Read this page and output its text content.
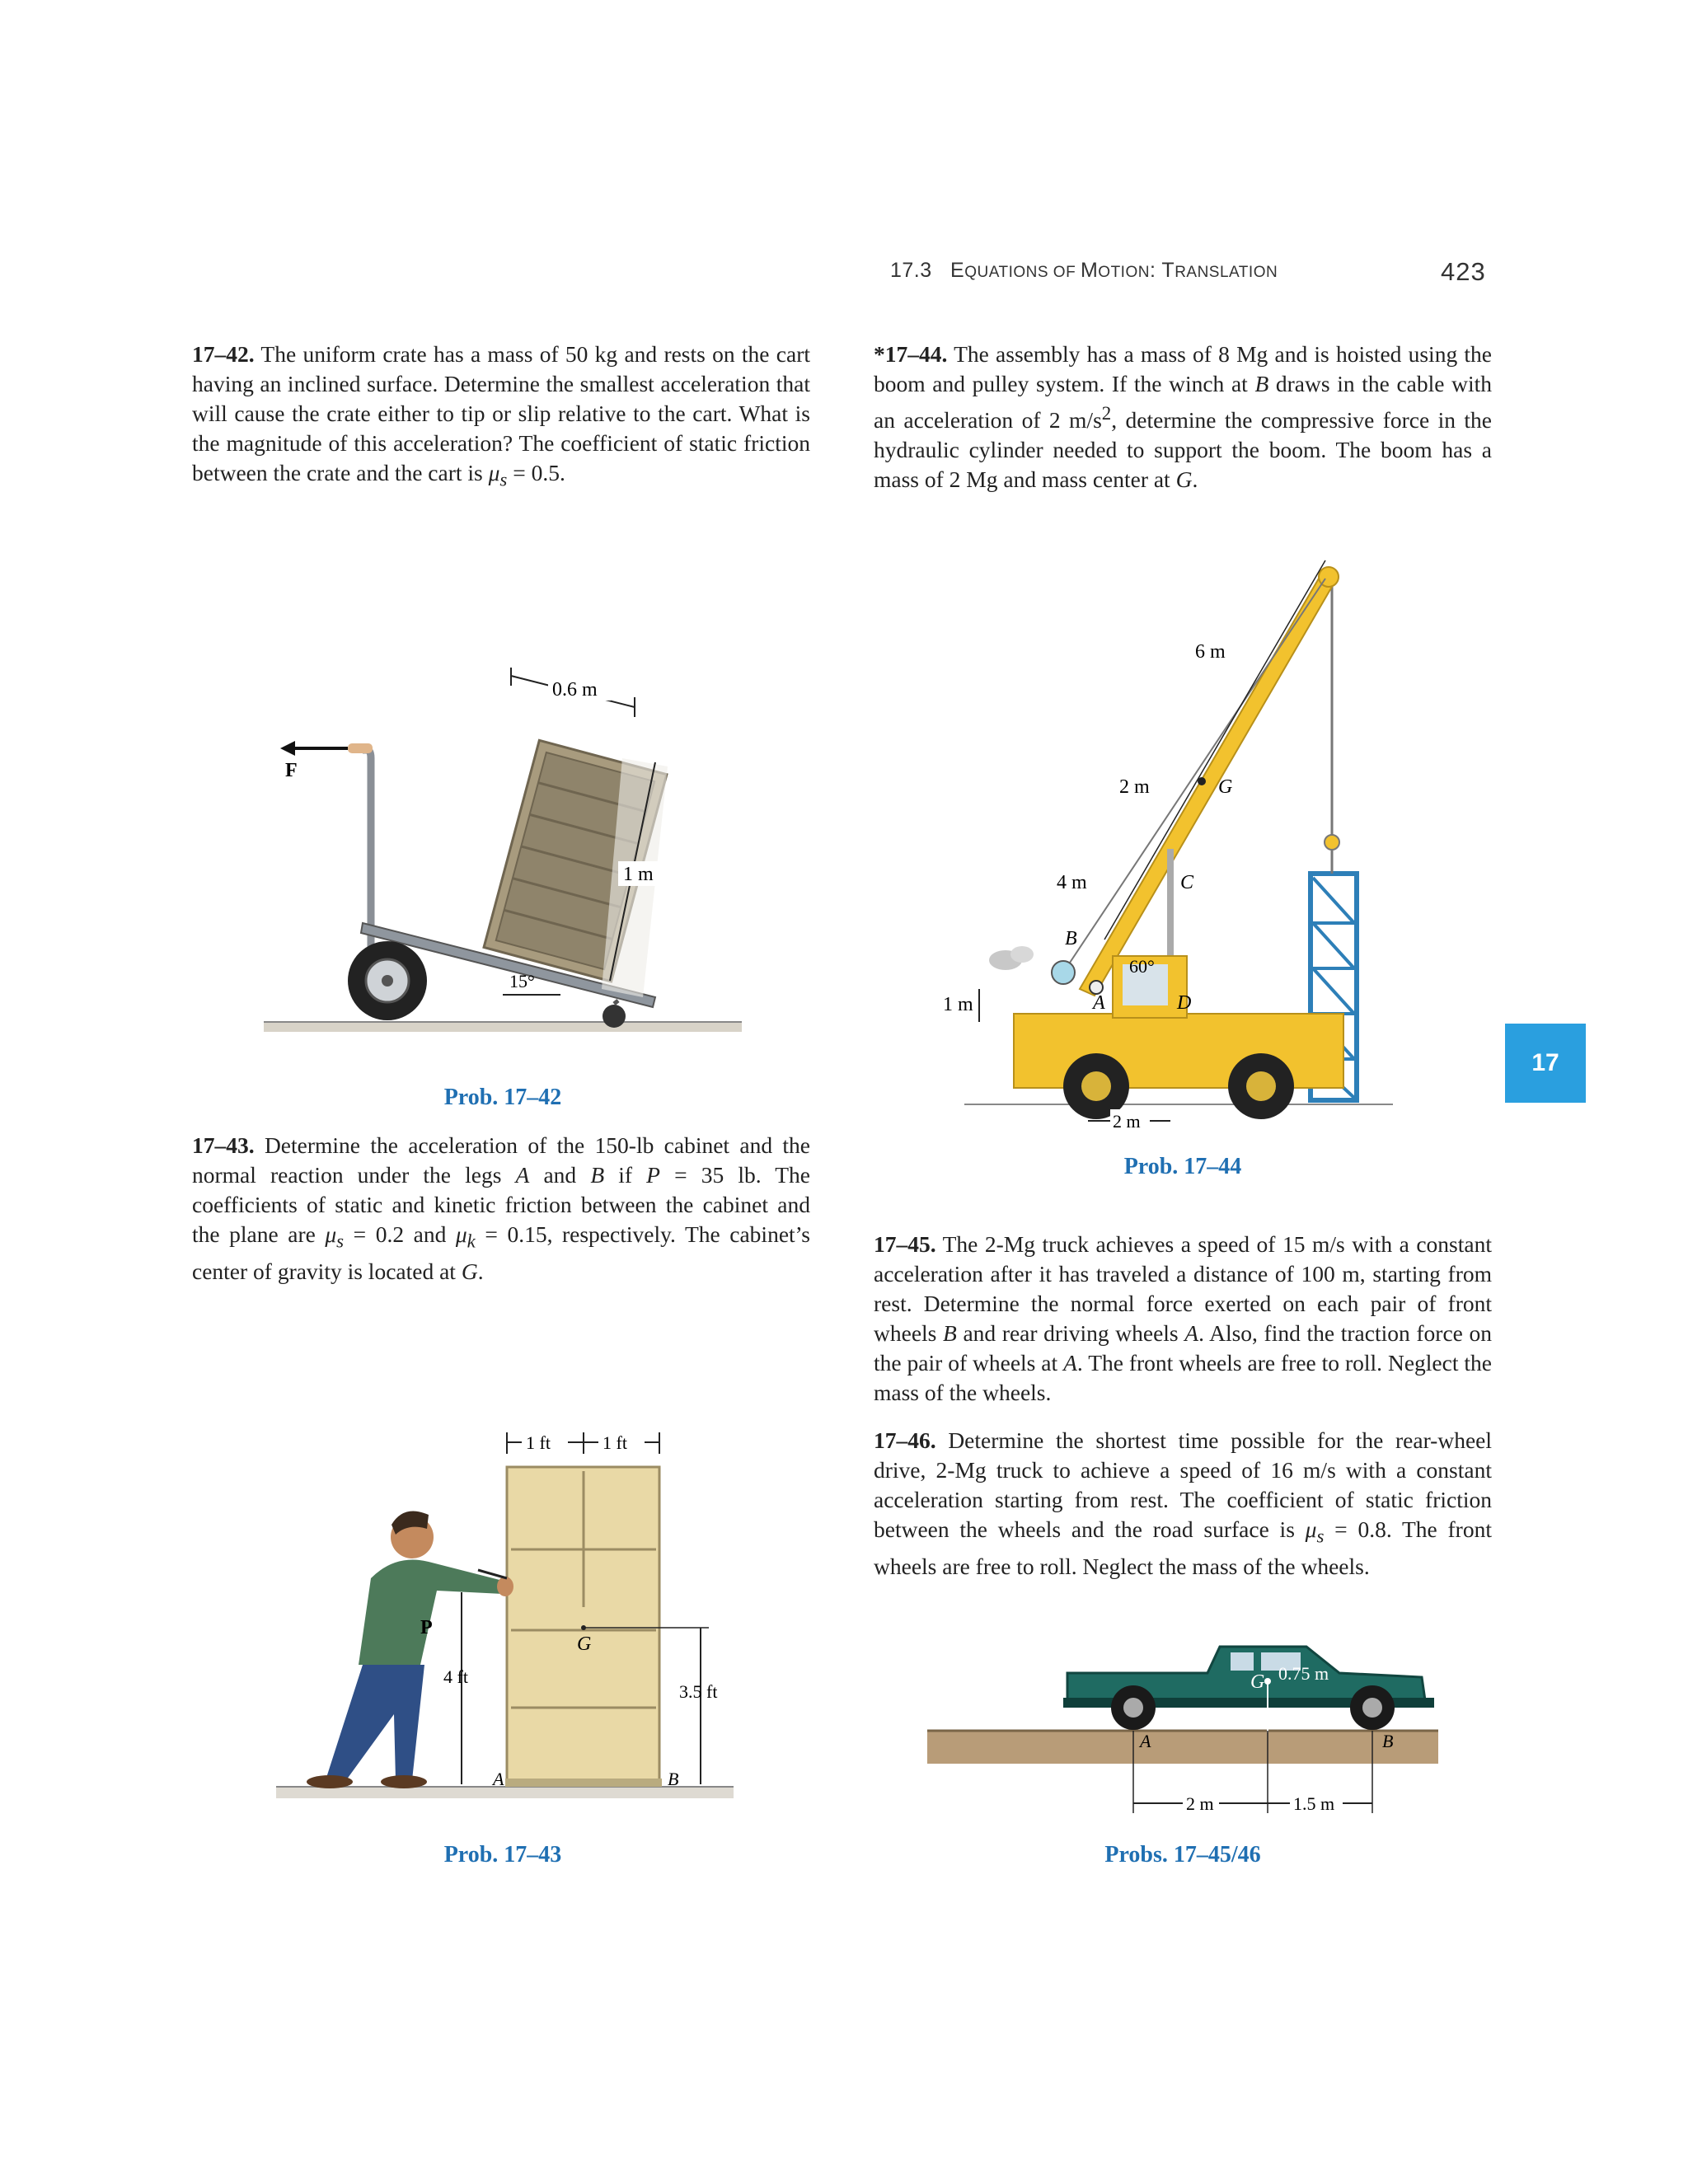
17.3 EQUATIONS OF MOTION: TRANSLATION	423
17
17–42. The uniform crate has a mass of 50 kg and rests on the cart having an inclined surface. Determine the smallest acceleration that will cause the crate either to tip or slip relative to the cart. What is the magnitude of this acceleration? The coefficient of static friction between the crate and the cart is $\mu_s = 0.5$.
17–43. Determine the acceleration of the 150-lb cabinet and the normal reaction under the legs A and B if P = 35 lb. The coefficients of static and kinetic friction between the cabinet and the plane are $\mu_s = 0.2$ and $\mu_k = 0.15$, respectively. The cabinet’s center of gravity is located at G.
*17–44. The assembly has a mass of 8 Mg and is hoisted using the boom and pulley system. If the winch at B draws in the cable with an acceleration of 2 $m/s^2$, determine the compressive force in the hydraulic cylinder needed to support the boom. The boom has a mass of 2 Mg and mass center at G.
17–45. The 2-Mg truck achieves a speed of 15 m/s with a constant acceleration after it has traveled a distance of 100 m, starting from rest. Determine the normal force exerted on each pair of front wheels B and rear driving wheels A. Also, find the traction force on the pair of wheels at A. The front wheels are free to roll. Neglect the mass of the wheels.
17–46. Determine the shortest time possible for the rear-wheel drive, 2-Mg truck to achieve a speed of 16 m/s with a constant acceleration starting from rest. The coefficient of static friction between the wheels and the road surface is $\mu_s = 0.8$. The front wheels are free to roll. Neglect the mass of the wheels.
F
0.6 m
1 m
15°
Prob. 17–42
P
1 ft	1 ft
G
4 ft
3.5 ft
A	B
Prob. 17–43
6 m
2 m
4 m
G
C
B
60°
A	D
1 m
2 m
Prob. 17–44
G 0.75 m
A	B
2 m	1.5 m
Probs. 17–45/46
